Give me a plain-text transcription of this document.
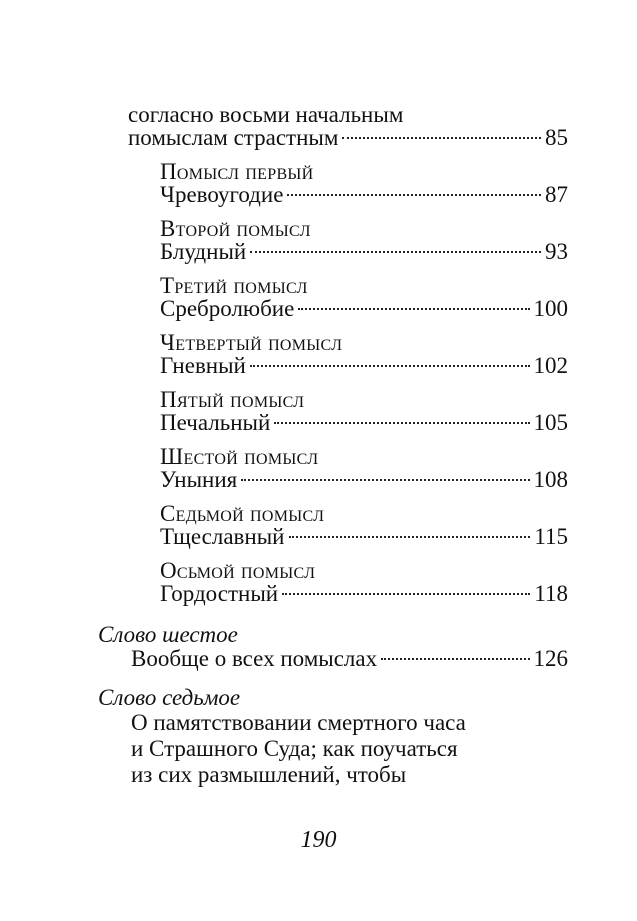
согласно восьми начальным
помыслам страстным	85
Помысл первый
Чревоугодие	87
Второй помысл
Блудный	93
Третий помысл
Сребролюбие	100
Четвертый помысл
Гневный	102
Пятый помысл
Печальный	105
Шестой помысл
Уныния	108
Седьмой помысл
Тщеславный	115
Осьмой помысл
Гордостный	118
Слово шестое
Вообще о всех помыслах	126
Слово седьмое
О памятствовании смертного часа
и Страшного Суда; как поучаться
из сих размышлений, чтобы
190
